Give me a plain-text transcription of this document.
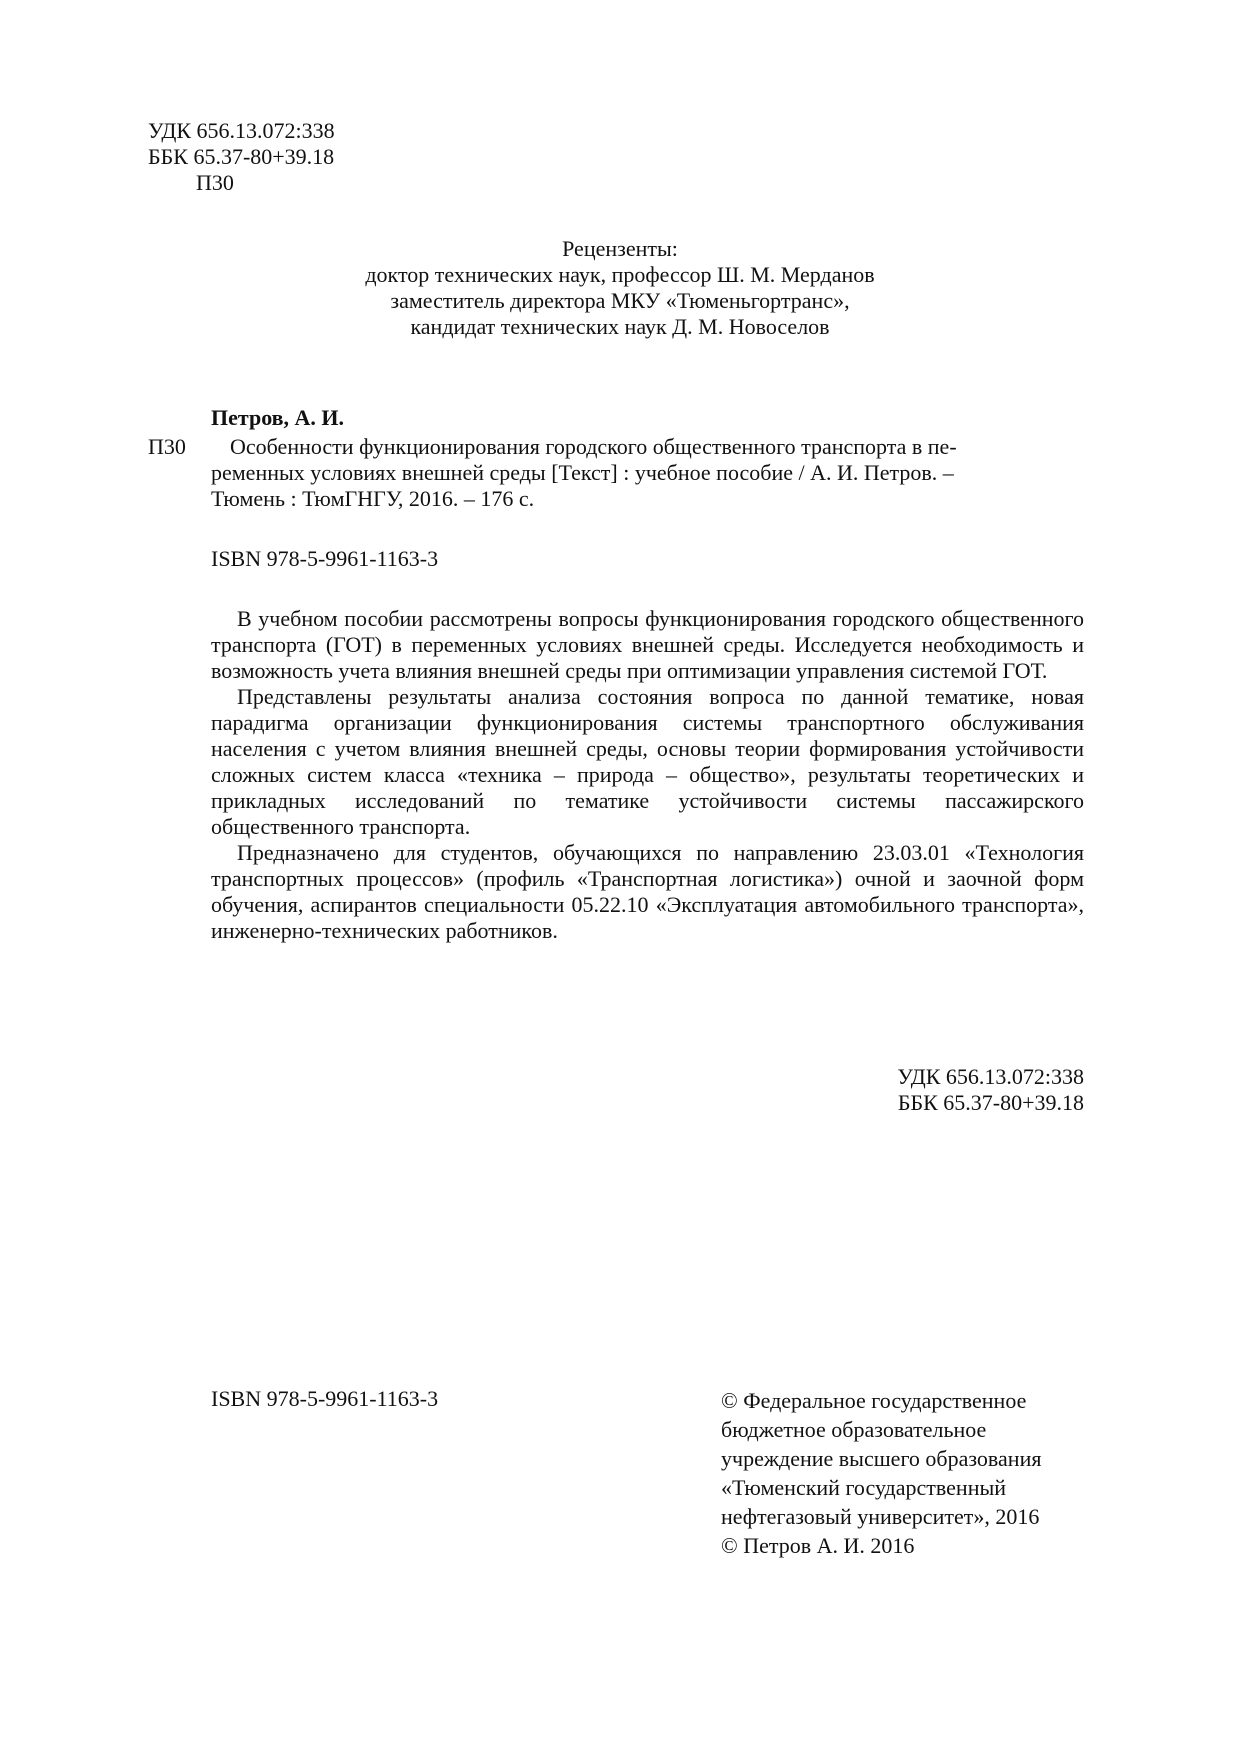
УДК 656.13.072:338
ББК 65.37-80+39.18
П30
Рецензенты:
доктор технических наук, профессор Ш. М. Мерданов
заместитель директора МКУ «Тюменьгортранс»,
кандидат технических наук Д. М. Новоселов
Петров, А. И.
П30	Особенности функционирования городского общественного транспорта в пе-
ременных условиях внешней среды [Текст] : учебное пособие / А. И. Петров. –
Тюмень : ТюмГНГУ, 2016. – 176 с.
ISBN 978-5-9961-1163-3

В учебном пособии рассмотрены вопросы функционирования городского общественного транспорта (ГОТ) в переменных условиях внешней среды. Исследуется необходимость и возможность учета влияния внешней среды при оптимизации управления системой ГОТ.

Представлены результаты анализа состояния вопроса по данной тематике, новая парадигма организации функционирования системы транспортного обслуживания населения с учетом влияния внешней среды, основы теории формирования устойчивости сложных систем класса «техника – природа – общество», результаты теоретических и прикладных исследований по тематике устойчивости системы пассажирского общественного транспорта.

Предназначено для студентов, обучающихся по направлению 23.03.01 «Технология транспортных процессов» (профиль «Транспортная логистика») очной и заочной форм обучения, аспирантов специальности 05.22.10 «Эксплуатация автомобильного транспорта», инженерно-технических работников.

УДК 656.13.072:338
ББК 65.37-80+39.18
ISBN 978-5-9961-1163-3	© Федеральное государственное
бюджетное образовательное
учреждение высшего образования
«Тюменский государственный
нефтегазовый университет», 2016
© Петров А. И. 2016
